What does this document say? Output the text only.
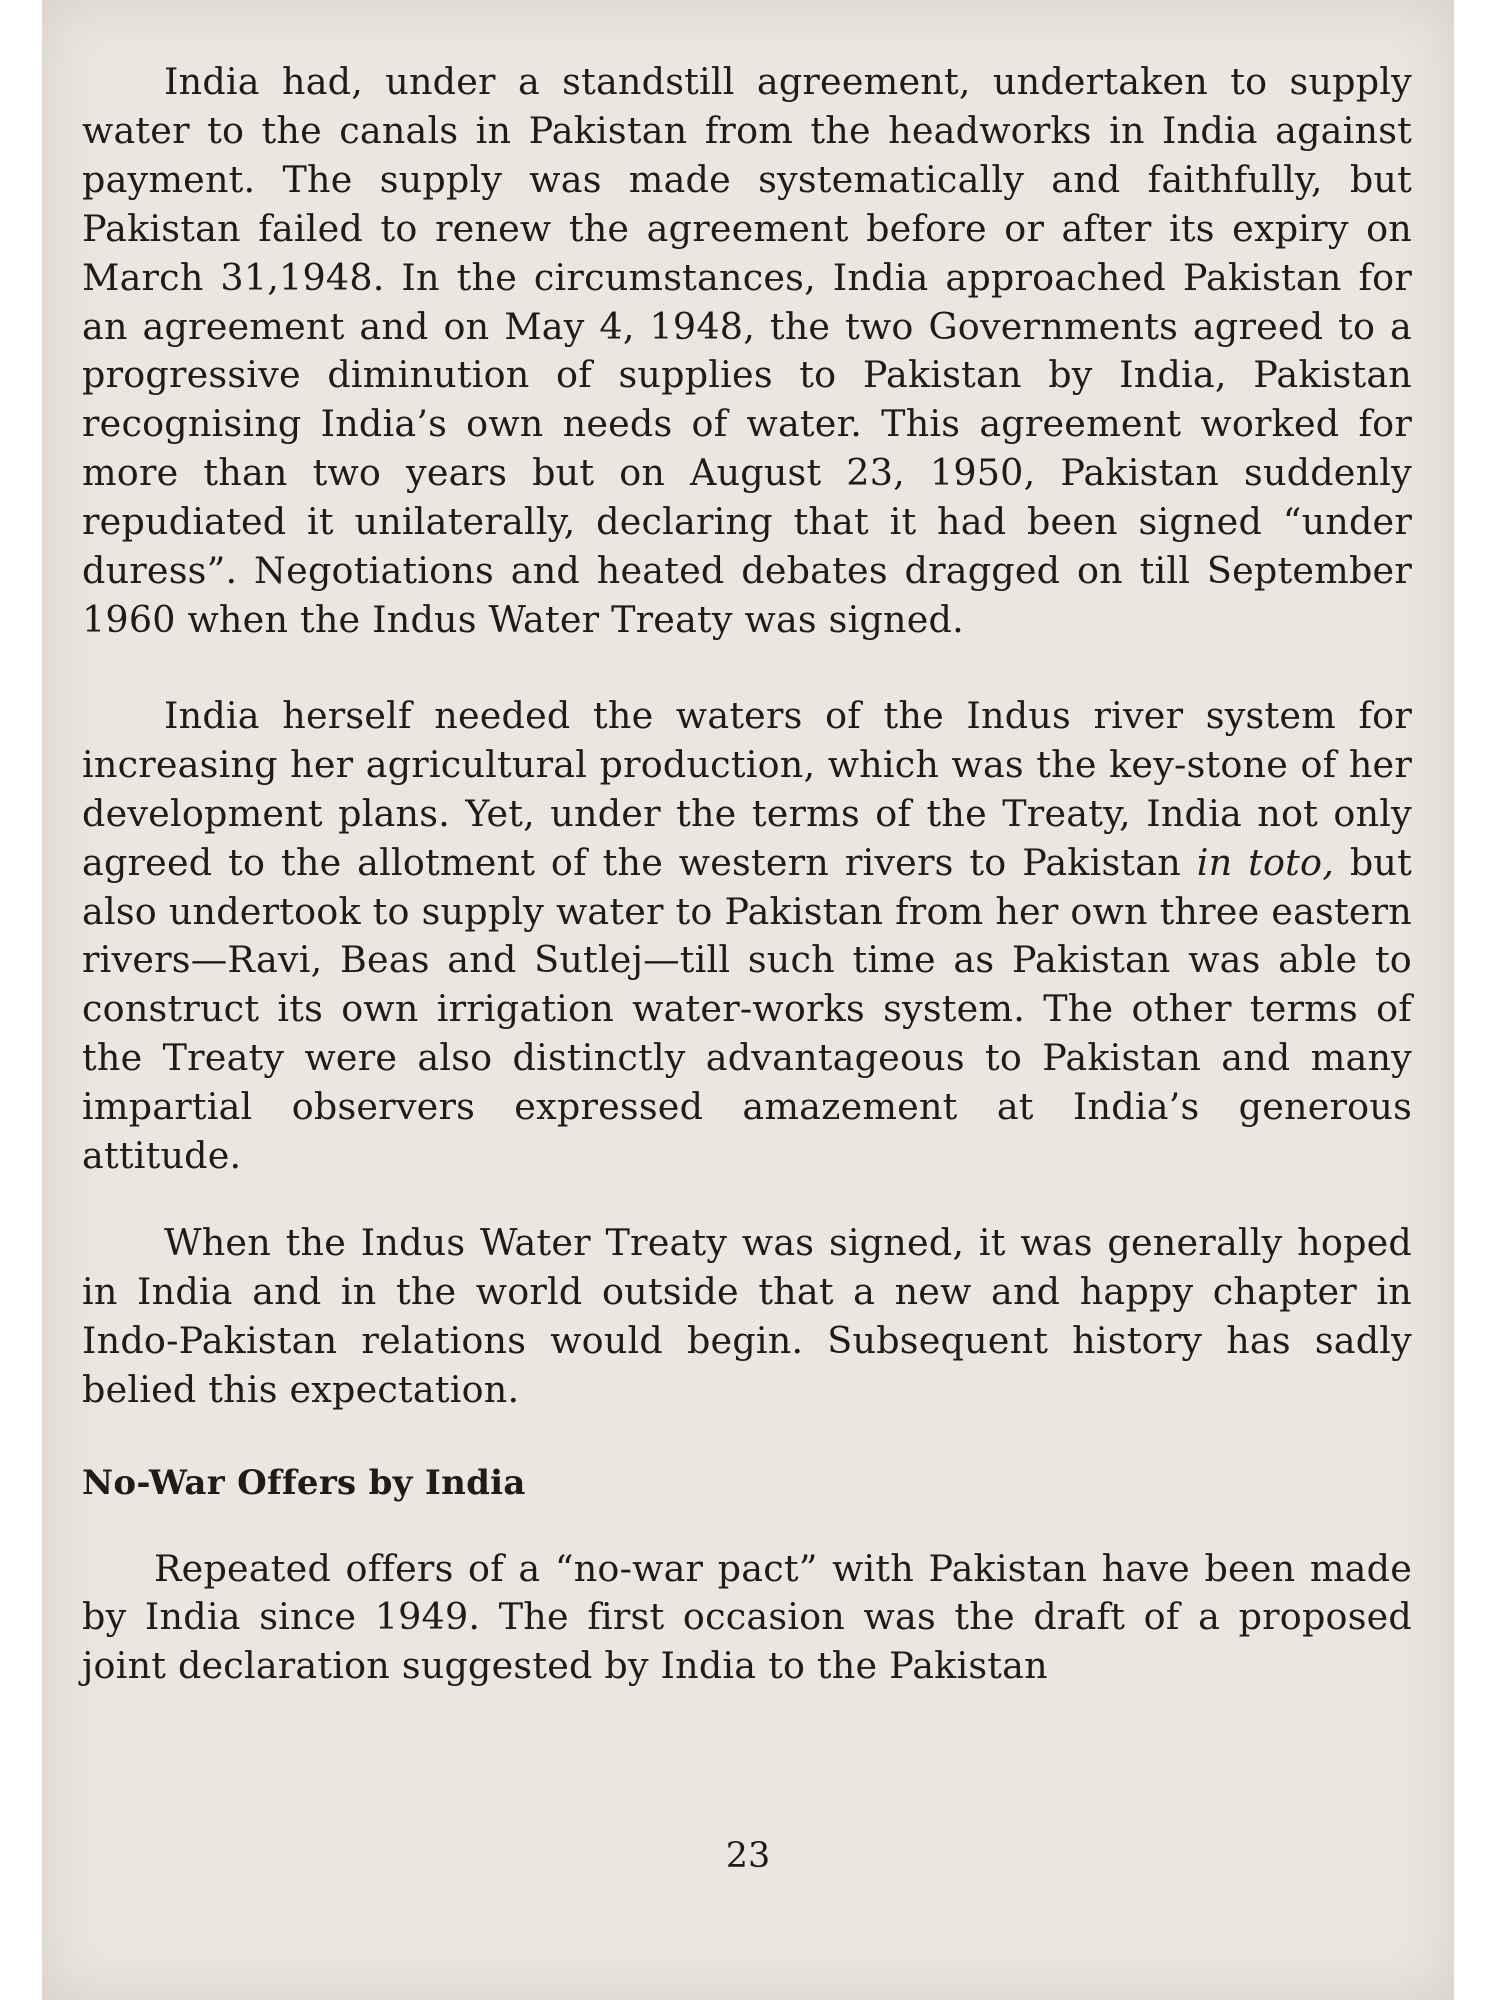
India had, under a standstill agreement, undertaken to supply water to the canals in Pakistan from the headworks in India against payment. The supply was made systematically and faithfully, but Pakistan failed to renew the agreement before or after its expiry on March 31,1948. In the circumstances, India approached Pakistan for an agreement and on May 4, 1948, the two Governments agreed to a progressive diminution of supplies to Pakistan by India, Pakistan recognising India’s own needs of water. This agreement worked for more than two years but on August 23, 1950, Pakistan suddenly repudiated it unilaterally, declaring that it had been signed “under duress”. Negotiations and heated debates dragged on till September 1960 when the Indus Water Treaty was signed.

India herself needed the waters of the Indus river system for increasing her agricultural production, which was the key-stone of her development plans. Yet, under the terms of the Treaty, India not only agreed to the allotment of the western rivers to Pakistan in toto, but also undertook to supply water to Pakistan from her own three eastern rivers—Ravi, Beas and Sutlej—till such time as Pakistan was able to construct its own irrigation water-works system. The other terms of the Treaty were also distinctly advantageous to Pakistan and many impartial observers expressed amazement at India’s generous attitude.

When the Indus Water Treaty was signed, it was generally hoped in India and in the world outside that a new and happy chapter in Indo-Pakistan relations would begin. Subsequent history has sadly belied this expectation.

No-War Offers by India

Repeated offers of a “no-war pact” with Pakistan have been made by India since 1949. The first occasion was the draft of a proposed joint declaration suggested by India to the Pakistan

23
